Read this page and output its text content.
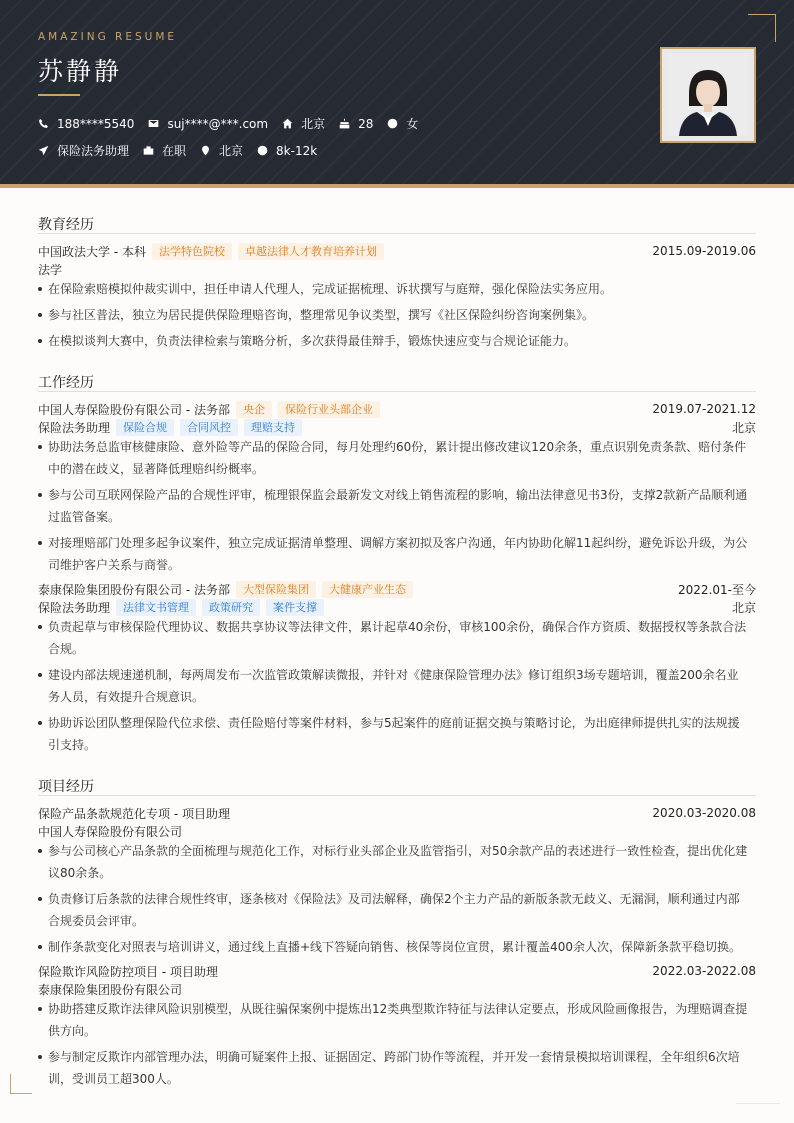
AMAZING RESUME
苏静静
188****5540	suj****@***.com	北京	28	女
保险法务助理	在职	北京	8k-12k
教育经历
中国政法大学 - 本科	法学特色院校	卓越法律人才教育培养计划	2015.09-2019.06
法学
在保险索赔模拟仲裁实训中，担任申请人代理人，完成证据梳理、诉状撰写与庭辩，强化保险法实务应用。
参与社区普法，独立为居民提供保险理赔咨询，整理常见争议类型，撰写《社区保险纠纷咨询案例集》。
在模拟谈判大赛中，负责法律检索与策略分析，多次获得最佳辩手，锻炼快速应变与合规论证能力。
工作经历
中国人寿保险股份有限公司 - 法务部	央企	保险行业头部企业	2019.07-2021.12
保险法务助理	保险合规	合同风控	理赔支持	北京
协助法务总监审核健康险、意外险等产品的保险合同，每月处理约60份，累计提出修改建议120余条，重点识别免责条款、赔付条件中的潜在歧义，显著降低理赔纠纷概率。
参与公司互联网保险产品的合规性评审，梳理银保监会最新发文对线上销售流程的影响，输出法律意见书3份，支撑2款新产品顺利通过监管备案。
对接理赔部门处理多起争议案件，独立完成证据清单整理、调解方案初拟及客户沟通，年内协助化解11起纠纷，避免诉讼升级，为公司维护客户关系与商誉。
泰康保险集团股份有限公司 - 法务部	大型保险集团	大健康产业生态	2022.01-至今
保险法务助理	法律文书管理	政策研究	案件支撑	北京
负责起草与审核保险代理协议、数据共享协议等法律文件，累计起草40余份，审核100余份，确保合作方资质、数据授权等条款合法合规。
建设内部法规速递机制，每两周发布一次监管政策解读微报，并针对《健康保险管理办法》修订组织3场专题培训，覆盖200余名业务人员，有效提升合规意识。
协助诉讼团队整理保险代位求偿、责任险赔付等案件材料，参与5起案件的庭前证据交换与策略讨论，为出庭律师提供扎实的法规援引支持。
项目经历
保险产品条款规范化专项 - 项目助理	2020.03-2020.08
中国人寿保险股份有限公司
参与公司核心产品条款的全面梳理与规范化工作，对标行业头部企业及监管指引，对50余款产品的表述进行一致性检查，提出优化建议80余条。
负责修订后条款的法律合规性终审，逐条核对《保险法》及司法解释，确保2个主力产品的新版条款无歧义、无漏洞，顺利通过内部合规委员会评审。
制作条款变化对照表与培训讲义，通过线上直播+线下答疑向销售、核保等岗位宣贯，累计覆盖400余人次，保障新条款平稳切换。
保险欺诈风险防控项目 - 项目助理	2022.03-2022.08
泰康保险集团股份有限公司
协助搭建反欺诈法律风险识别模型，从既往骗保案例中提炼出12类典型欺诈特征与法律认定要点，形成风险画像报告，为理赔调查提供方向。
参与制定反欺诈内部管理办法，明确可疑案件上报、证据固定、跨部门协作等流程，并开发一套情景模拟培训课程，全年组织6次培训，受训员工超300人。
